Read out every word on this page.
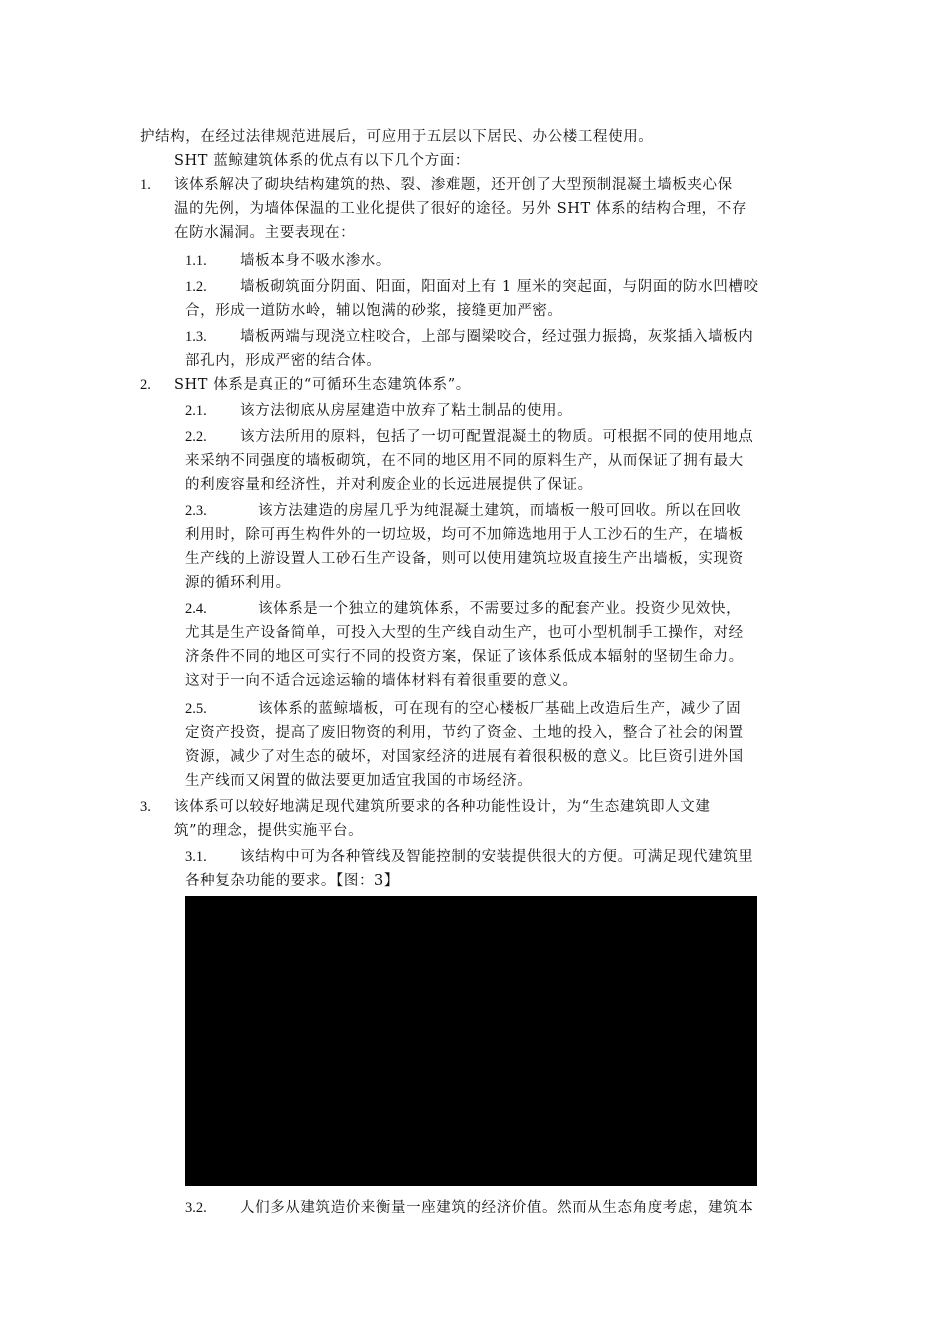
护结构，在经过法律规范进展后，可应用于五层以下居民、办公楼工程使用。
SHT 蓝鲸建筑体系的优点有以下几个方面：
1. 该体系解决了砌块结构建筑的热、裂、渗难题，还开创了大型预制混凝土墙板夹心保
温的先例，为墙体保温的工业化提供了很好的途径。另外 SHT 体系的结构合理，不存
在防水漏洞。主要表现在：
1.1. 墙板本身不吸水渗水。
1.2. 墙板砌筑面分阴面、阳面，阳面对上有 1 厘米的突起面，与阴面的防水凹槽咬
合，形成一道防水岭，辅以饱满的砂浆，接缝更加严密。
1.3. 墙板两端与现浇立柱咬合，上部与圈梁咬合，经过强力振捣，灰浆插入墙板内
部孔内，形成严密的结合体。
2. SHT 体系是真正的“可循环生态建筑体系”。
2.1. 该方法彻底从房屋建造中放弃了粘土制品的使用。
2.2. 该方法所用的原料，包括了一切可配置混凝土的物质。可根据不同的使用地点
来采纳不同强度的墙板砌筑，在不同的地区用不同的原料生产，从而保证了拥有最大
的利废容量和经济性，并对利废企业的长远进展提供了保证。
2.3.	该方法建造的房屋几乎为纯混凝土建筑，而墙板一般可回收。所以在回收
利用时，除可再生构件外的一切垃圾，均可不加筛选地用于人工沙石的生产，在墙板
生产线的上游设置人工砂石生产设备，则可以使用建筑垃圾直接生产出墙板，实现资
源的循环利用。
2.4.	该体系是一个独立的建筑体系，不需要过多的配套产业。投资少见效快，
尤其是生产设备简单，可投入大型的生产线自动生产，也可小型机制手工操作，对经
济条件不同的地区可实行不同的投资方案，保证了该体系低成本辐射的坚韧生命力。
这对于一向不适合远途运输的墙体材料有着很重要的意义。
2.5.	该体系的蓝鲸墙板，可在现有的空心楼板厂基础上改造后生产，减少了固
定资产投资，提高了废旧物资的利用，节约了资金、土地的投入，整合了社会的闲置
资源，减少了对生态的破坏，对国家经济的进展有着很积极的意义。比巨资引进外国
生产线而又闲置的做法要更加适宜我国的市场经济。
3. 该体系可以较好地满足现代建筑所要求的各种功能性设计，为“生态建筑即人文建
筑”的理念，提供实施平台。
3.1. 该结构中可为各种管线及智能控制的安装提供很大的方便。可满足现代建筑里
各种复杂功能的要求。【图：3】
3.2. 人们多从建筑造价来衡量一座建筑的经济价值。然而从生态角度考虑，建筑本
